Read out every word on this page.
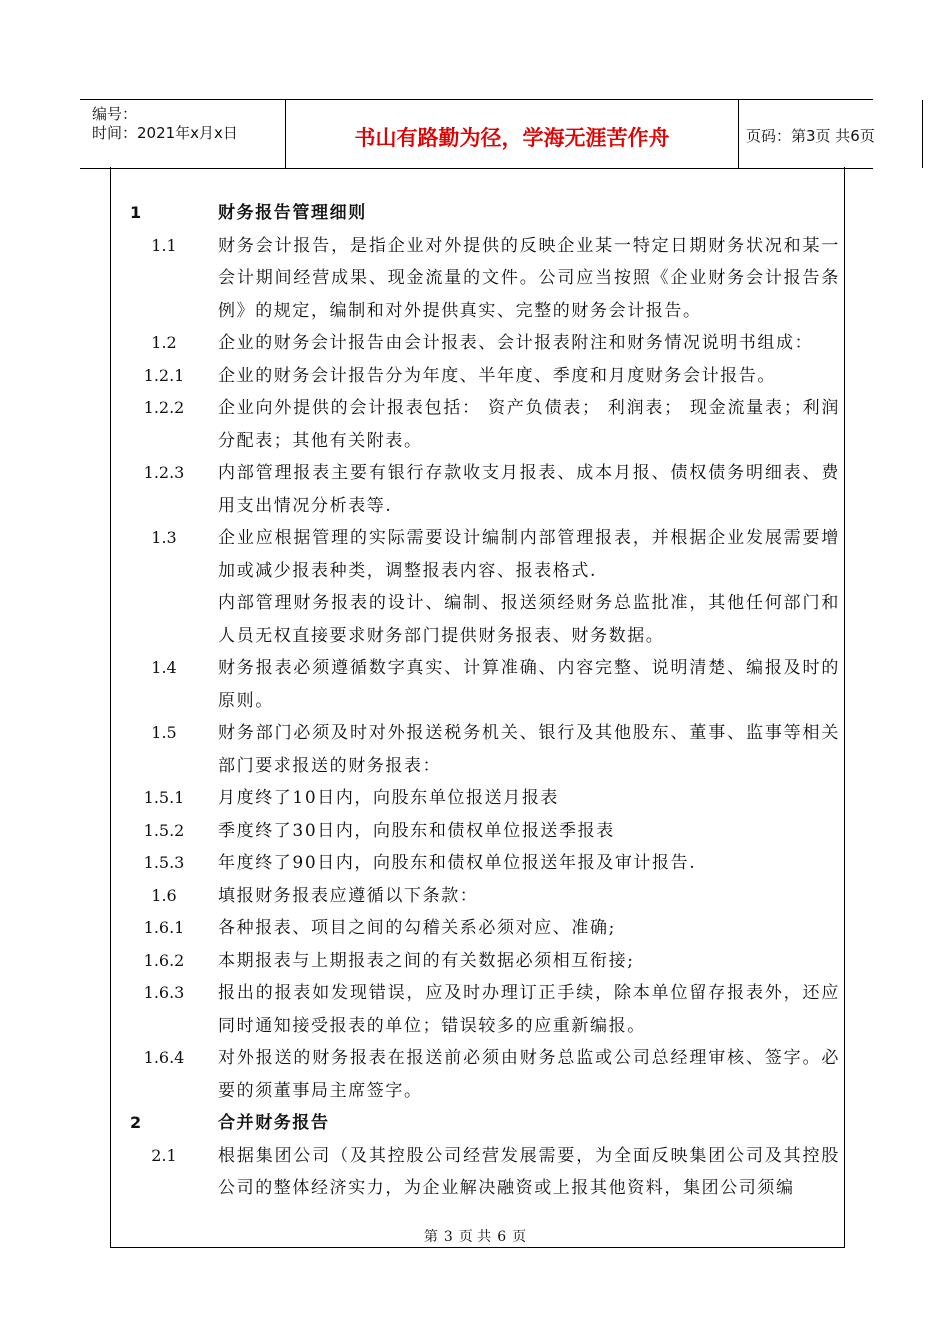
编号：
时间：2021年x月x日	书山有路勤为径，学海无涯苦作舟	页码：第3页 共6页
1	财务报告管理细则
1.1	财务会计报告，是指企业对外提供的反映企业某一特定日期财务状况和某一会计期间经营成果、现金流量的文件。公司应当按照《企业财务会计报告条例》的规定，编制和对外提供真实、完整的财务会计报告。
1.2	企业的财务会计报告由会计报表、会计报表附注和财务情况说明书组成：
1.2.1	企业的财务会计报告分为年度、半年度、季度和月度财务会计报告。
1.2.2	企业向外提供的会计报表包括： 资产负债表； 利润表； 现金流量表；利润分配表；其他有关附表。
1.2.3	内部管理报表主要有银行存款收支月报表、成本月报、债权债务明细表、费用支出情况分析表等.
1.3	企业应根据管理的实际需要设计编制内部管理报表，并根据企业发展需要增加或减少报表种类，调整报表内容、报表格式.
内部管理财务报表的设计、编制、报送须经财务总监批准，其他任何部门和人员无权直接要求财务部门提供财务报表、财务数据。
1.4	财务报表必须遵循数字真实、计算准确、内容完整、说明清楚、编报及时的原则。
1.5	财务部门必须及时对外报送税务机关、银行及其他股东、董事、监事等相关部门要求报送的财务报表：
1.5.1	月度终了10日内，向股东单位报送月报表
1.5.2	季度终了30日内，向股东和债权单位报送季报表
1.5.3	年度终了90日内，向股东和债权单位报送年报及审计报告.
1.6	填报财务报表应遵循以下条款：
1.6.1	各种报表、项目之间的勾稽关系必须对应、准确;
1.6.2	本期报表与上期报表之间的有关数据必须相互衔接;
1.6.3	报出的报表如发现错误，应及时办理订正手续，除本单位留存报表外，还应同时通知接受报表的单位；错误较多的应重新编报。
1.6.4	对外报送的财务报表在报送前必须由财务总监或公司总经理审核、签字。必要的须董事局主席签字。
2	合并财务报告
2.1	根据集团公司（及其控股公司经营发展需要，为全面反映集团公司及其控股公司的整体经济实力，为企业解决融资或上报其他资料，集团公司须编
第 3 页 共 6 页
